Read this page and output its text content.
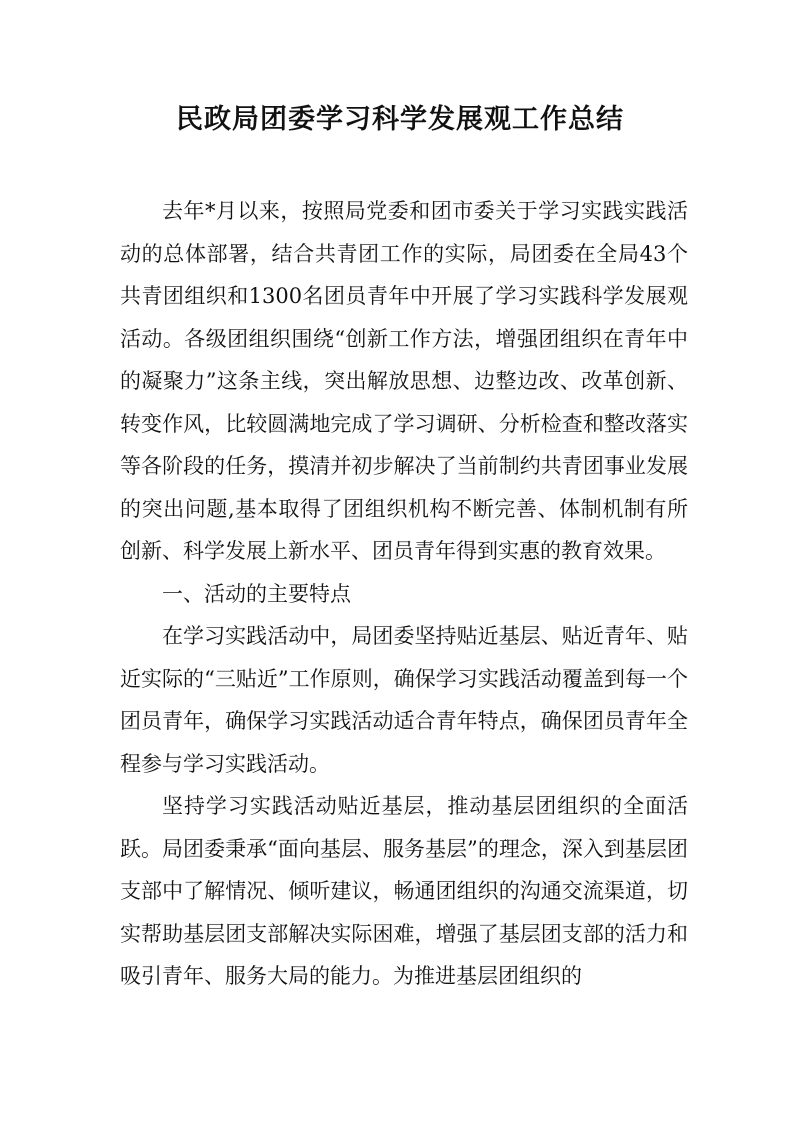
民政局团委学习科学发展观工作总结

去年*月以来，按照局党委和团市委关于学习实践实践活动的总体部署，结合共青团工作的实际，局团委在全局43个共青团组织和1300名团员青年中开展了学习实践科学发展观活动。各级团组织围绕“创新工作方法，增强团组织在青年中的凝聚力”这条主线，突出解放思想、边整边改、改革创新、转变作风，比较圆满地完成了学习调研、分析检查和整改落实等各阶段的任务，摸清并初步解决了当前制约共青团事业发展的突出问题,基本取得了团组织机构不断完善、体制机制有所创新、科学发展上新水平、团员青年得到实惠的教育效果。

一、活动的主要特点

在学习实践活动中，局团委坚持贴近基层、贴近青年、贴近实际的“三贴近”工作原则，确保学习实践活动覆盖到每一个团员青年，确保学习实践活动适合青年特点，确保团员青年全程参与学习实践活动。

坚持学习实践活动贴近基层，推动基层团组织的全面活跃。局团委秉承“面向基层、服务基层”的理念，深入到基层团支部中了解情况、倾听建议，畅通团组织的沟通交流渠道，切实帮助基层团支部解决实际困难，增强了基层团支部的活力和吸引青年、服务大局的能力。为推进基层团组织的
